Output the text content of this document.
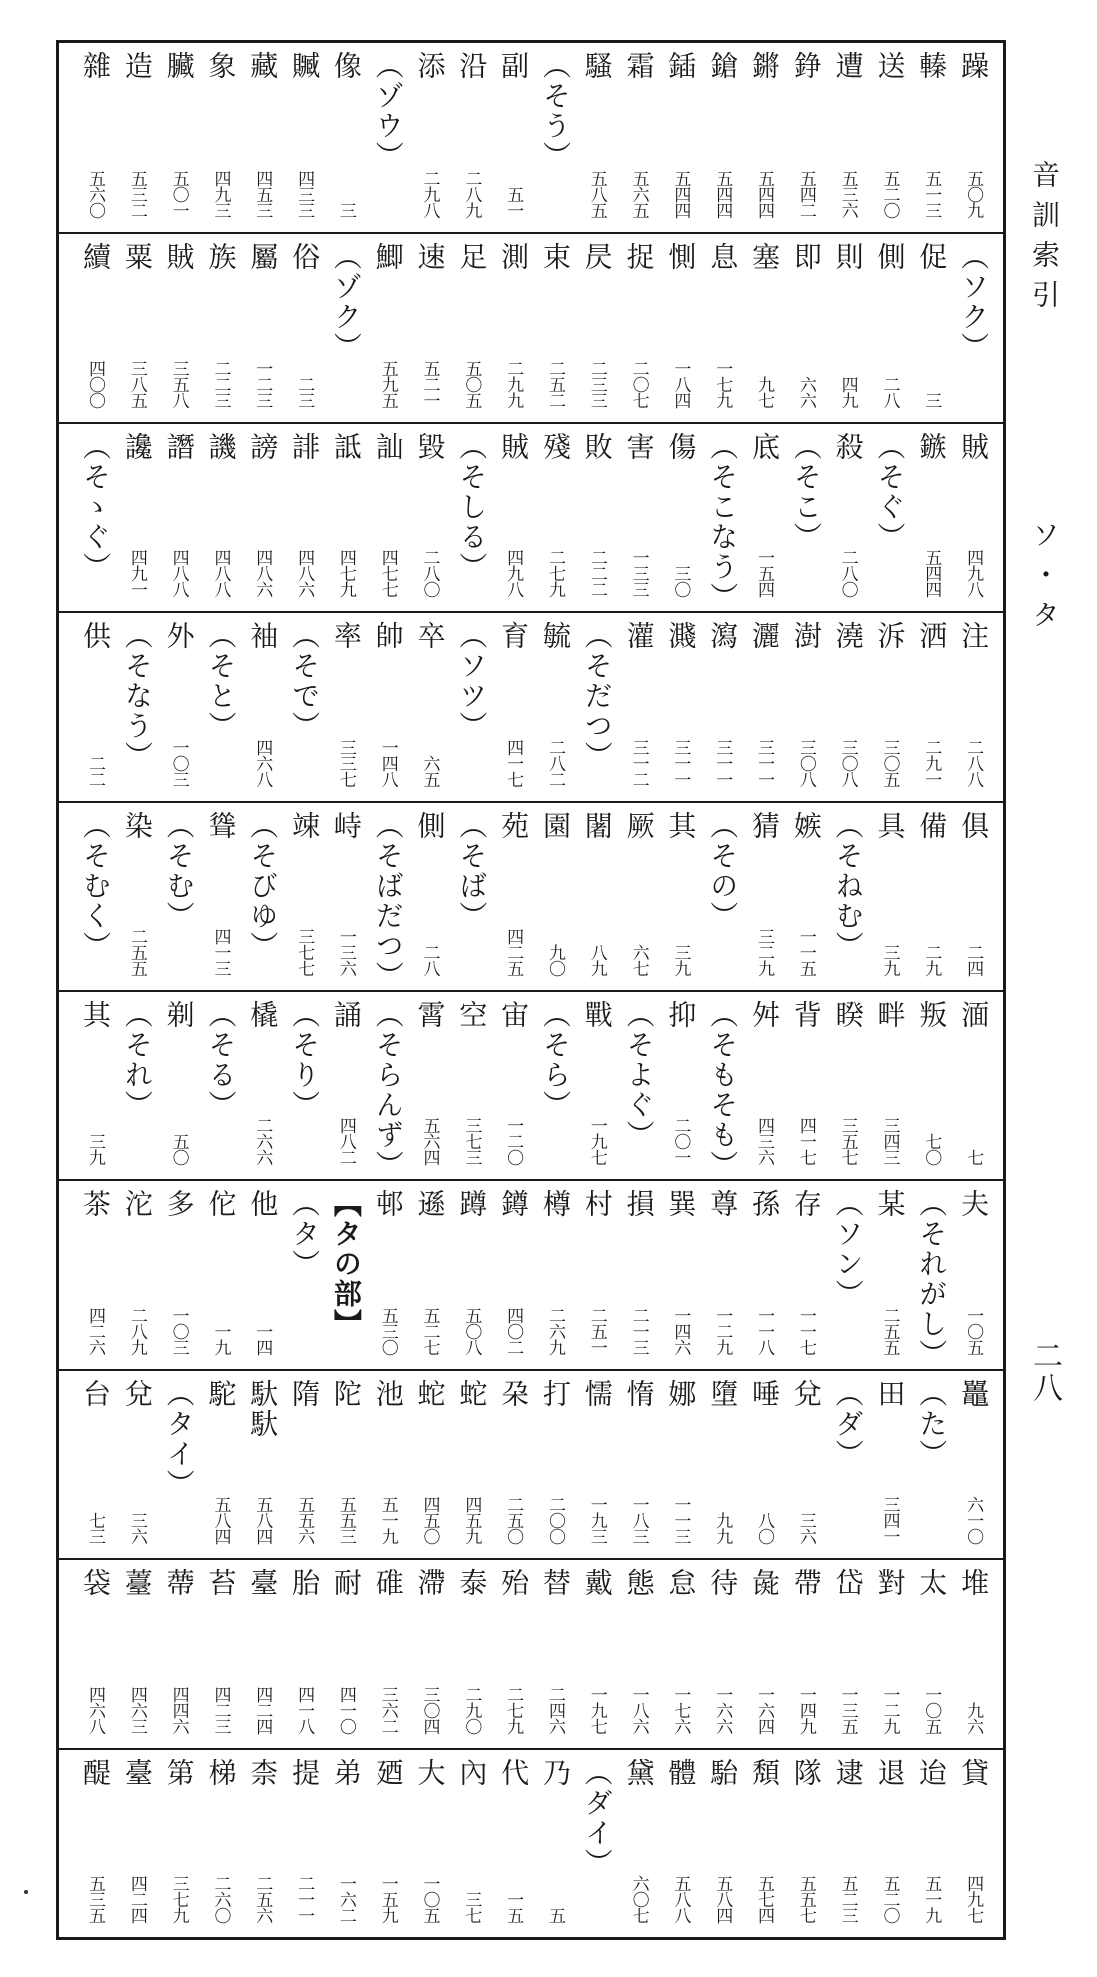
躁
五〇九
轃
五一三
送
五二〇
遭
五三六
錚
五四二
鏘
五四四
鎗
五四四
鍤
五四四
霜
五六五
騷
五八五
（そう）
副
五一
沿
二八九
添
二九八
（ゾウ）
像
三
贓
四三三
藏
四五三
象
四九三
臟
五〇一
造
五三二
雜
五六〇
（ソク）
促
三
側
二八
則
四九
即
六六
塞
九七
息
一七九
惻
一八四
捉
二〇七
昃
二三三
束
二五二
測
二九九
足
五〇五
速
五二一
鯽
五九五
（ゾク）
俗
二三
屬
一二三
族
二二三
賊
三五八
粟
三八五
續
四〇〇
賊
四九八
鏃
五四四
（そぐ）
殺
二八〇
（そこ）
底
一五四
（そこなう）
傷
三〇
害
一三三
敗
二二二
殘
二七九
賊
四九八
（そしる）
毀
二八〇
訕
四七七
詆
四七九
誹
四八六
謗
四八六
譏
四八八
譖
四八八
讒
四九一
（そゝぐ）
注
二八八
洒
二九一
泝
三〇五
澆
三〇八
澍
三〇八
灑
三一一
瀉
三一一
濺
三一一
灌
三一二
（そだつ）
毓
二八二
育
四一七
（ソツ）
卒
六五
帥
一四八
率
三三七
（そで）
袖
四六八
（そと）
外
一〇三
（そなう）
供
二二
俱
二四
備
二九
具
三九
（そねむ）
嫉
一一五
猜
三二九
（その）
其
三九
厥
六七
闍
八九
園
九〇
苑
四二五
（そば）
側
二八
（そばだつ）
峙
一三六
竦
三七七
（そびゆ）
聳
四一三
（そむ）
染
二五五
（そむく）
湎
七
叛
七〇
畔
三四三
睽
三五七
背
四一七
舛
四三六
（そもそも）
抑
二〇一
（そよぐ）
戰
一九七
（そら）
宙
一二〇
空
三七三
霄
五六四
（そらんず）
誦
四八二
（そり）
橇
二六六
（そる）
剃
五〇
（それ）
其
三九
夫
一〇五
（それがし）
某
二五五
（ソン）
存
一一七
孫
一一八
尊
一二九
巽
一四六
損
二一三
村
二五一
樽
二六九
鐏
四〇二
蹲
五〇八
遜
五二七
邨
五三〇
【タの部】
（タ）
他
一四
佗
一九
多
一〇三
沱
二八九
茶
四二六
鼉
六一〇
（た）
田
三四一
（ダ）
兌
三六
唾
八〇
墮
九九
娜
一一三
惰
一八三
懦
一九三
打
二〇〇
朶
二五〇
蛇
四五九
蛇
四五〇
池
五一九
陀
五五三
隋
五五六
馱馱
五八四
駝
五八四
（タイ）
兌
三六
台
七三
堆
九六
太
一〇五
對
一二九
岱
一三五
帶
一四九
彘
一六四
待
一六六
怠
一七六
態
一八六
戴
一九七
替
二四六
殆
二七九
泰
二九〇
滯
三〇四
碓
三六二
耐
四一〇
胎
四一八
臺
四二四
苔
四二三
蔕
四四六
薹
四六三
袋
四六八
貸
四九七
迨
五一九
退
五二〇
逮
五二三
隊
五五七
頽
五七四
駘
五八四
體
五八八
黛
六〇七
（ダイ）
乃
五
代
一五
內
三七
大
一〇五
廼
一五九
弟
一六二
提
二一一
柰
二五六
梯
二六〇
第
三七九
臺
四二四
醍
五三五
音訓索引
ソ・タ
二八
